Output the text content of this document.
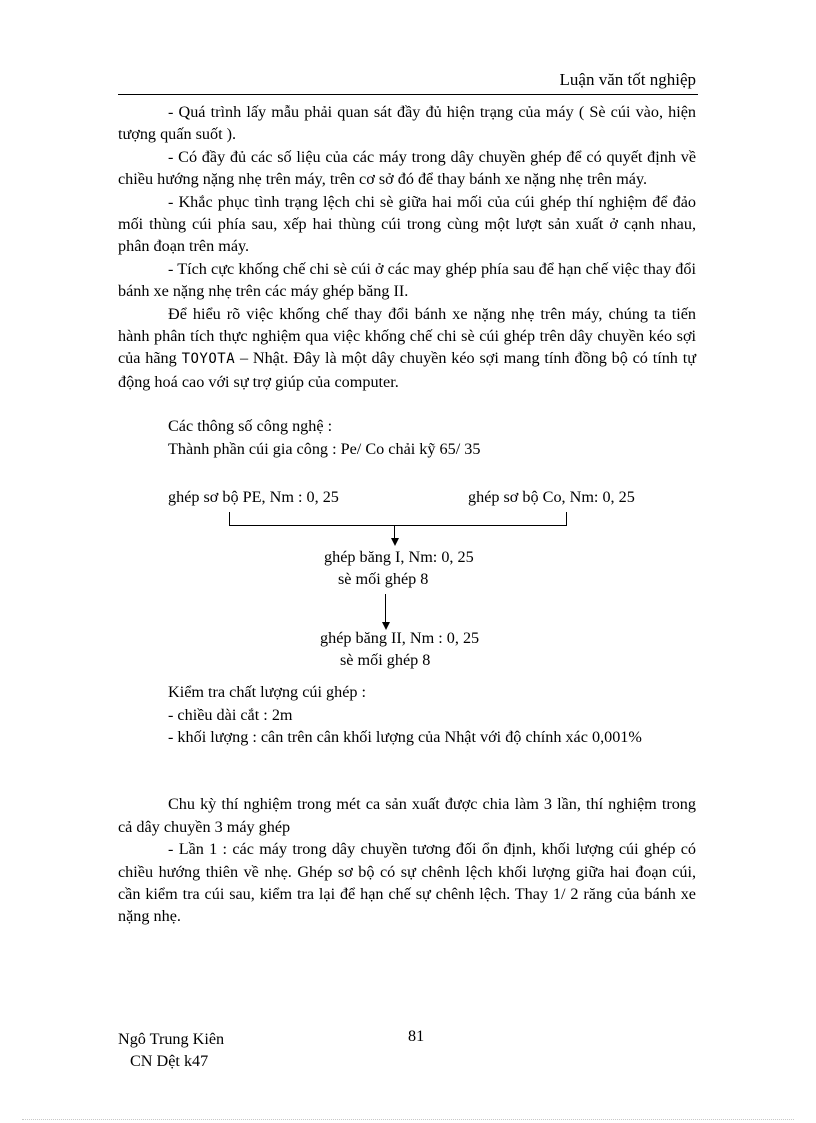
Luận văn tốt nghiệp

- Quá trình lấy mẫu phải quan sát đầy đủ hiện trạng của máy ( Sè cúi vào, hiện tượng quấn suốt ).

- Có đầy đủ các số liệu của các máy trong dây chuyền ghép để có quyết định về chiều hướng nặng nhẹ trên máy, trên cơ sở đó để thay bánh xe nặng nhẹ trên máy.

- Khắc phục tình trạng lệch chi sè giữa hai mối của cúi ghép thí nghiệm để đảo mối thùng cúi phía sau, xếp hai thùng cúi trong cùng một lượt sản xuất ở cạnh nhau, phân đoạn trên máy.

- Tích cực khống chế chi sè cúi ở các may ghép phía sau để hạn chế việc thay đổi bánh xe nặng nhẹ trên các máy ghép băng II.

Để hiểu rõ việc khống chế thay đổi bánh xe nặng nhẹ trên máy, chúng ta tiến hành phân tích thực nghiệm qua việc khống chế chi sè cúi ghép trên dây chuyền kéo sợi của hãng TOYOTA – Nhật. Đây là một dây chuyền kéo sợi mang tính đồng bộ có tính tự động hoá cao với sự trợ giúp của computer.

Các thông số công nghệ :

Thành phần cúi gia công : Pe/ Co chải kỹ 65/ 35

ghép sơ bộ PE, Nm : 0, 25	ghép sơ bộ Co, Nm: 0, 25
ghép băng I, Nm: 0, 25
sè mối ghép 8
ghép băng II, Nm : 0, 25
sè mối ghép 8

Kiểm tra chất lượng cúi ghép :

- chiều dài cắt : 2m

- khối lượng : cân trên cân khối lượng của Nhật với độ chính xác 0,001%

Chu kỳ thí nghiệm trong mét ca sản xuất được chia làm 3 lần, thí nghiệm trong cả dây chuyền 3 máy ghép

- Lần 1 : các máy trong dây chuyền tương đối ổn định, khối lượng cúi ghép có chiều hướng thiên về nhẹ. Ghép sơ bộ có sự chênh lệch khối lượng giữa hai đoạn cúi, cần kiểm tra cúi sau, kiểm tra lại để hạn chế sự chênh lệch. Thay 1/ 2 răng của bánh xe nặng nhẹ.

Ngô Trung Kiên
CN Dệt k47
81
